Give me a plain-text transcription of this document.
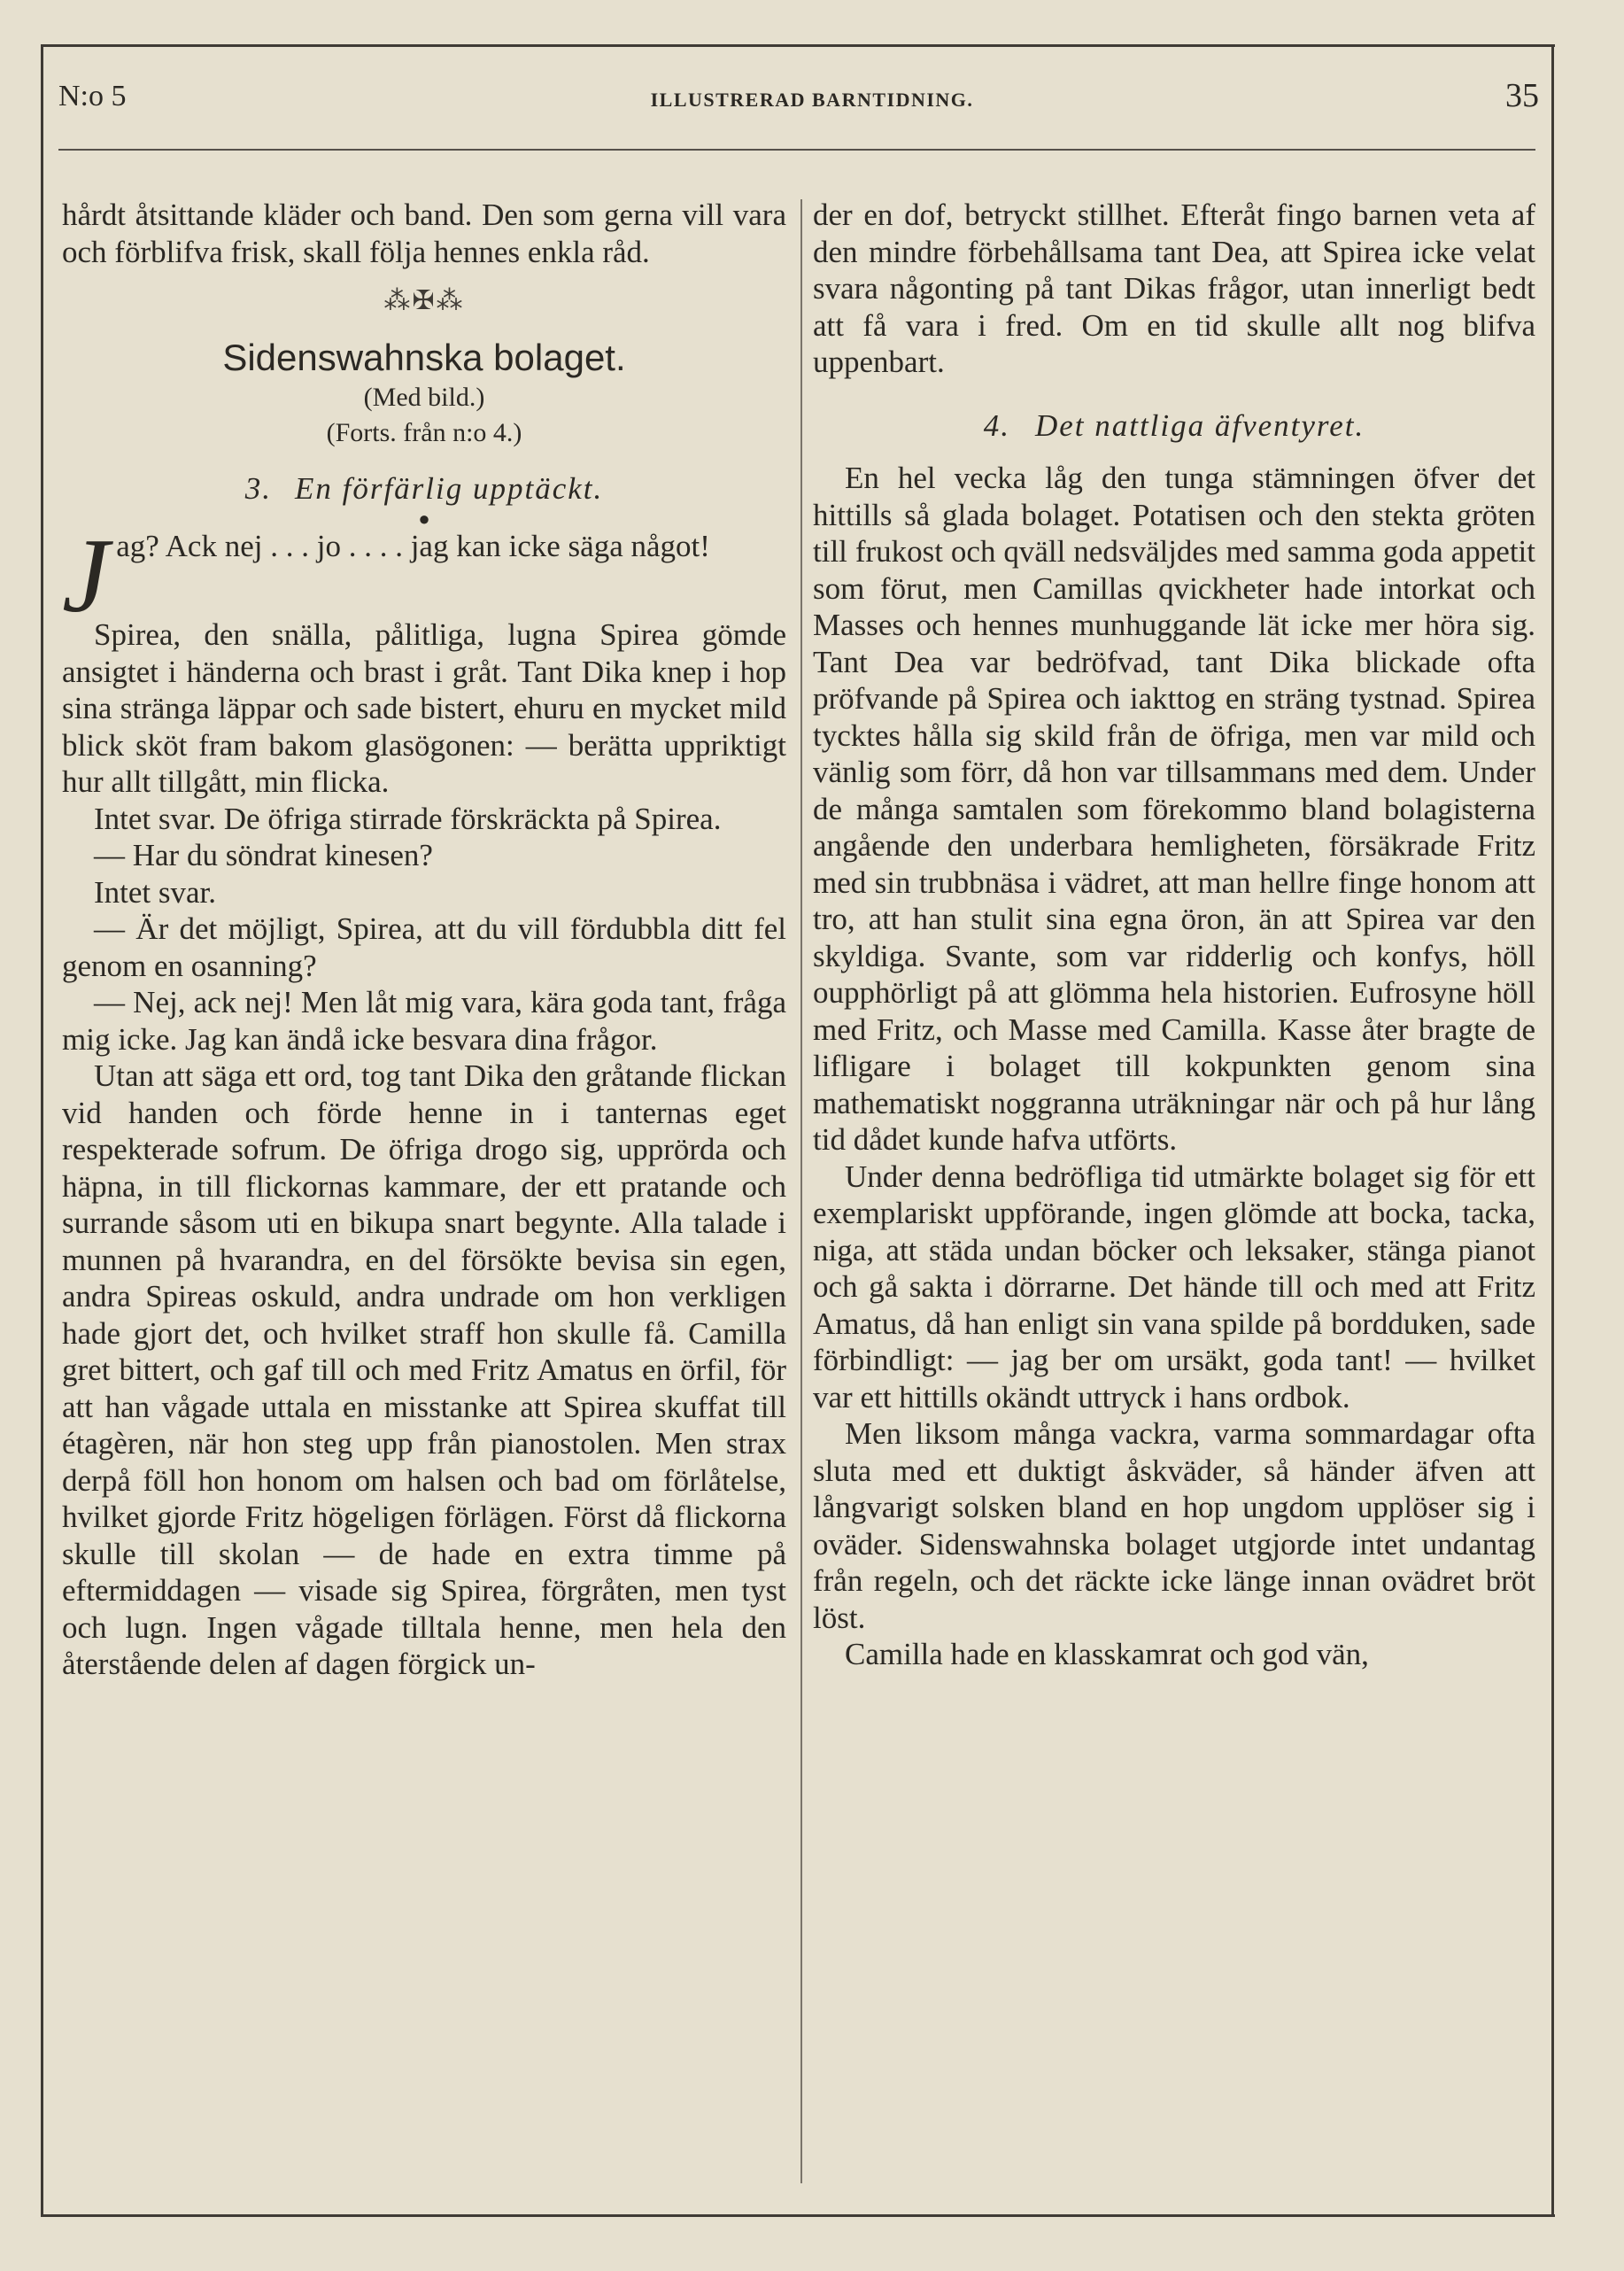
N:o 5	ILLUSTRERAD BARNTIDNING.	35

hårdt åtsittande kläder och band. Den som gerna vill vara och förblifva frisk, skall följa hennes enkla råd.

⁂✠⁂
Sidenswahnska bolaget.

(Med bild.)

(Forts. från n:o 4.)

3. En förfärlig upptäckt.
●

Jag? Ack nej . . . jo . . . . jag kan icke säga något!

Spirea, den snälla, pålitliga, lugna Spirea gömde ansigtet i händerna och brast i gråt. Tant Dika knep i hop sina stränga läppar och sade bistert, ehuru en mycket mild blick sköt fram bakom glasögonen: — berätta uppriktigt hur allt tillgått, min flicka.

Intet svar. De öfriga stirrade förskräckta på Spirea.

— Har du söndrat kinesen?

Intet svar.

— Är det möjligt, Spirea, att du vill fördubbla ditt fel genom en osanning?

— Nej, ack nej! Men låt mig vara, kära goda tant, fråga mig icke. Jag kan ändå icke besvara dina frågor.

Utan att säga ett ord, tog tant Dika den gråtande flickan vid handen och förde henne in i tanternas eget respekterade sofrum. De öfriga drogo sig, upprörda och häpna, in till flickornas kammare, der ett pratande och surrande såsom uti en bikupa snart begynte. Alla talade i munnen på hvarandra, en del försökte bevisa sin egen, andra Spireas oskuld, andra undrade om hon verkligen hade gjort det, och hvilket straff hon skulle få. Camilla gret bittert, och gaf till och med Fritz Amatus en örfil, för att han vågade uttala en misstanke att Spirea skuffat till étagèren, när hon steg upp från pianostolen. Men strax derpå föll hon honom om halsen och bad om förlåtelse, hvilket gjorde Fritz högeligen förlägen. Först då flickorna skulle till skolan — de hade en extra timme på eftermiddagen — visade sig Spirea, förgråten, men tyst och lugn. Ingen vågade tilltala henne, men hela den återstående delen af dagen förgick un-

der en dof, betryckt stillhet. Efteråt fingo barnen veta af den mindre förbehållsama tant Dea, att Spirea icke velat svara någonting på tant Dikas frågor, utan innerligt bedt att få vara i fred. Om en tid skulle allt nog blifva uppenbart.

4. Det nattliga äfventyret.

En hel vecka låg den tunga stämningen öfver det hittills så glada bolaget. Potatisen och den stekta gröten till frukost och qväll nedsväljdes med samma goda appetit som förut, men Camillas qvickheter hade intorkat och Masses och hennes munhuggande lät icke mer höra sig. Tant Dea var bedröfvad, tant Dika blickade ofta pröfvande på Spirea och iakttog en sträng tystnad. Spirea tycktes hålla sig skild från de öfriga, men var mild och vänlig som förr, då hon var tillsammans med dem. Under de många samtalen som förekommo bland bolagisterna angående den underbara hemligheten, försäkrade Fritz med sin trubbnäsa i vädret, att man hellre finge honom att tro, att han stulit sina egna öron, än att Spirea var den skyldiga. Svante, som var ridderlig och konfys, höll oupphörligt på att glömma hela historien. Eufrosyne höll med Fritz, och Masse med Camilla. Kasse åter bragte de lifligare i bolaget till kokpunkten genom sina mathematiskt noggranna uträkningar när och på hur lång tid dådet kunde hafva utförts.

Under denna bedröfliga tid utmärkte bolaget sig för ett exemplariskt uppförande, ingen glömde att bocka, tacka, niga, att städa undan böcker och leksaker, stänga pianot och gå sakta i dörrarne. Det hände till och med att Fritz Amatus, då han enligt sin vana spilde på bordduken, sade förbindligt: — jag ber om ursäkt, goda tant! — hvilket var ett hittills okändt uttryck i hans ordbok.

Men liksom många vackra, varma sommardagar ofta sluta med ett duktigt åskväder, så händer äfven att långvarigt solsken bland en hop ungdom upplöser sig i oväder. Sidenswahnska bolaget utgjorde intet undantag från regeln, och det räckte icke länge innan ovädret bröt löst.

Camilla hade en klasskamrat och god vän,
